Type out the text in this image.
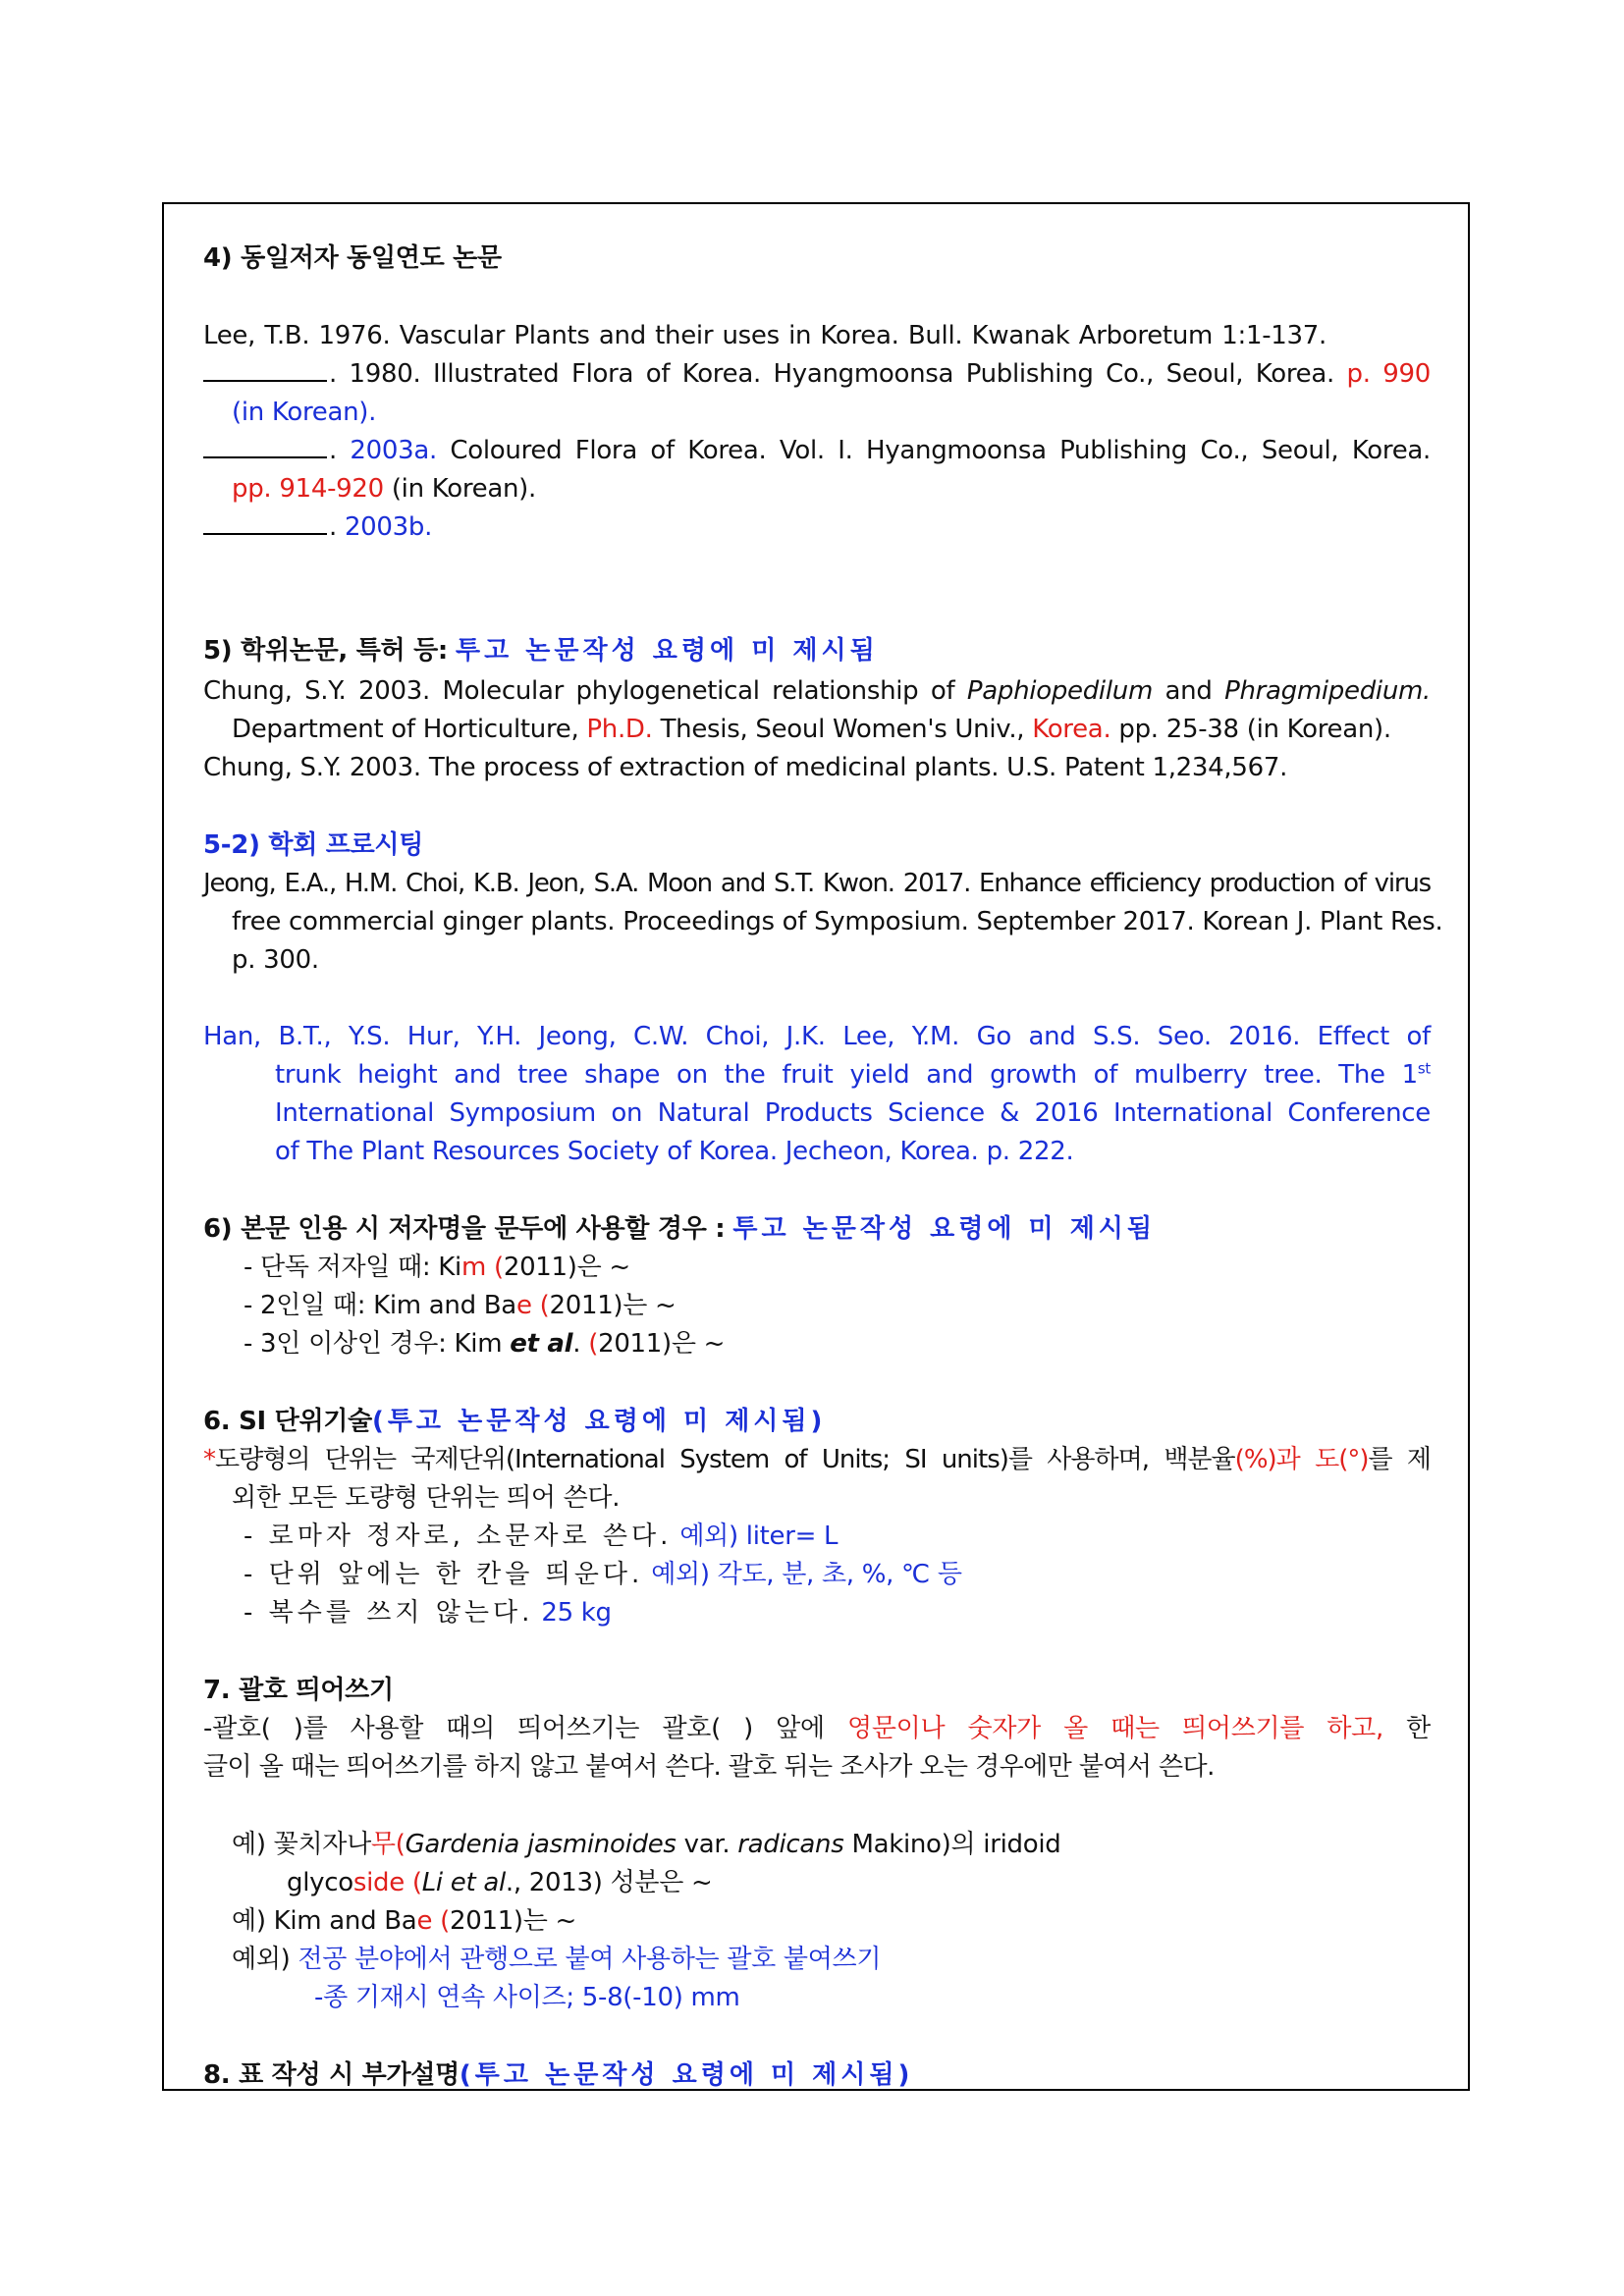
4) 동일저자 동일연도 논문
Lee, T.B. 1976. Vascular Plants and their uses in Korea. Bull. Kwanak Arboretum 1:1-137.
. 1980. Illustrated Flora of Korea. Hyangmoonsa Publishing Co., Seoul, Korea. p. 990
(in Korean).
. 2003a. Coloured Flora of Korea. Vol. I. Hyangmoonsa Publishing Co., Seoul, Korea.
pp. 914-920 (in Korean).
. 2003b.
5) 학위논문, 특허 등: 투고 논문작성 요령에 미 제시됨
Chung, S.Y. 2003. Molecular phylogenetical relationship of Paphiopedilum and Phragmipedium.
Department of Horticulture, Ph.D. Thesis, Seoul Women's Univ., Korea. pp. 25-38 (in Korean).
Chung, S.Y. 2003. The process of extraction of medicinal plants. U.S. Patent 1,234,567.
5-2) 학회 프로시팅
Jeong, E.A., H.M. Choi, K.B. Jeon, S.A. Moon and S.T. Kwon. 2017. Enhance efficiency production of virus
free commercial ginger plants. Proceedings of Symposium. September 2017. Korean J. Plant Res.
p. 300.
Han, B.T., Y.S. Hur, Y.H. Jeong, C.W. Choi, J.K. Lee, Y.M. Go and S.S. Seo. 2016. Effect of
trunk height and tree shape on the fruit yield and growth of mulberry tree. The 1st
International Symposium on Natural Products Science & 2016 International Conference
of The Plant Resources Society of Korea. Jecheon, Korea. p. 222.
6) 본문 인용 시 저자명을 문두에 사용할 경우 : 투고 논문작성 요령에 미 제시됨
- 단독 저자일 때: Kim (2011)은 ~
- 2인일 때: Kim and Bae (2011)는 ~
- 3인 이상인 경우: Kim et al. (2011)은 ~
6. SI 단위기술(투고 논문작성 요령에 미 제시됨)
*도량형의 단위는 국제단위(International System of Units; SI units)를 사용하며, 백분율(%)과 도(°)를 제
외한 모든 도량형 단위는 띄어 쓴다.
- 로마자 정자로, 소문자로 쓴다. 예외) liter= L
- 단위 앞에는 한 칸을 띄운다. 예외) 각도, 분, 초, %, ℃ 등
- 복수를 쓰지 않는다. 25 kg
7. 괄호 띄어쓰기
-괄호( )를 사용할 때의 띄어쓰기는 괄호( ) 앞에 영문이나 숫자가 올 때는 띄어쓰기를 하고, 한
글이 올 때는 띄어쓰기를 하지 않고 붙여서 쓴다. 괄호 뒤는 조사가 오는 경우에만 붙여서 쓴다.
예) 꽃치자나무(Gardenia jasminoides var. radicans Makino)의 iridoid
glycoside (Li et al., 2013) 성분은 ~
예) Kim and Bae (2011)는 ~
예외) 전공 분야에서 관행으로 붙여 사용하는 괄호 붙여쓰기
-종 기재시 연속 사이즈; 5-8(-10) mm
8. 표 작성 시 부가설명(투고 논문작성 요령에 미 제시됨)
